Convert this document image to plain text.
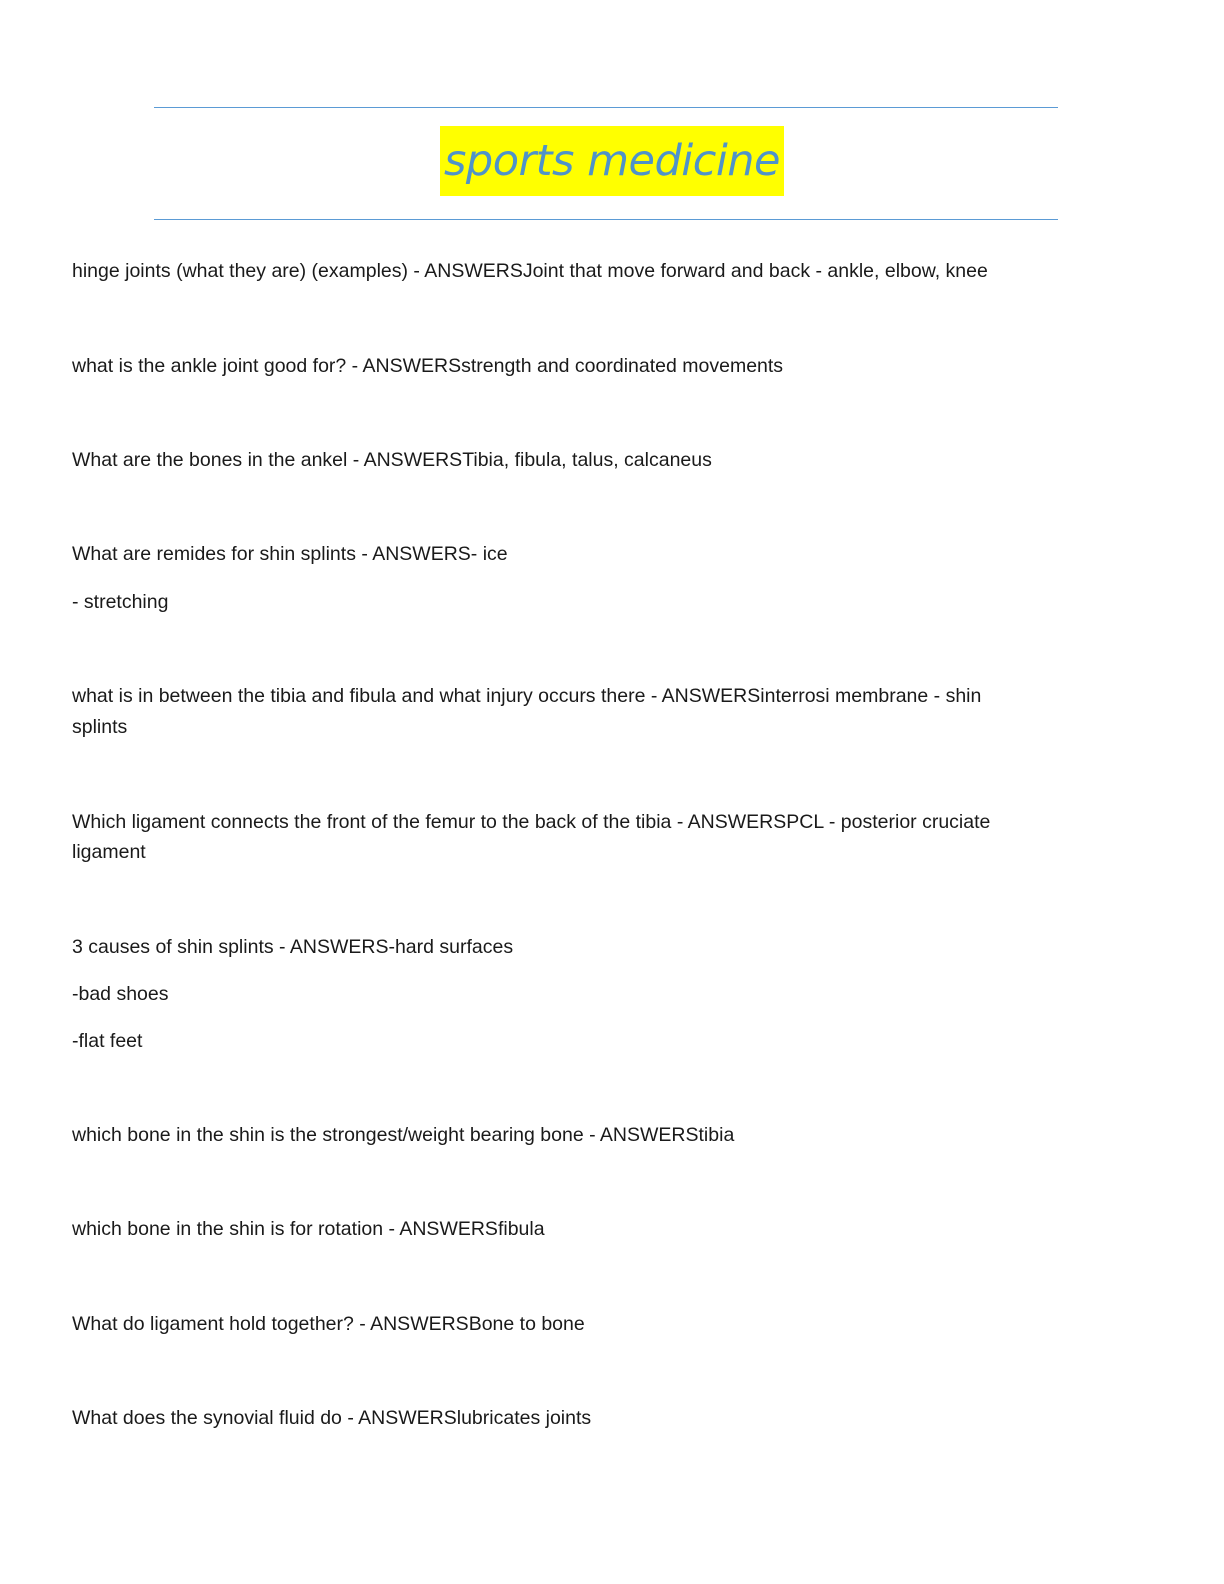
sports medicine
hinge joints (what they are) (examples) - ANSWERSJoint that move forward and back - ankle, elbow, knee
what is the ankle joint good for? - ANSWERSstrength and coordinated movements
What are the bones in the ankel - ANSWERSTibia, fibula, talus, calcaneus
What are remides for shin splints - ANSWERS- ice
- stretching
what is in between the tibia and fibula and what injury occurs there - ANSWERSinterrosi membrane - shin
splints
Which ligament connects the front of the femur to the back of the tibia - ANSWERSPCL - posterior cruciate
ligament
3 causes of shin splints - ANSWERS-hard surfaces
-bad shoes
-flat feet
which bone in the shin is the strongest/weight bearing bone - ANSWERStibia
which bone in the shin is for rotation - ANSWERSfibula
What do ligament hold together? - ANSWERSBone to bone
What does the synovial fluid do - ANSWERSlubricates joints
